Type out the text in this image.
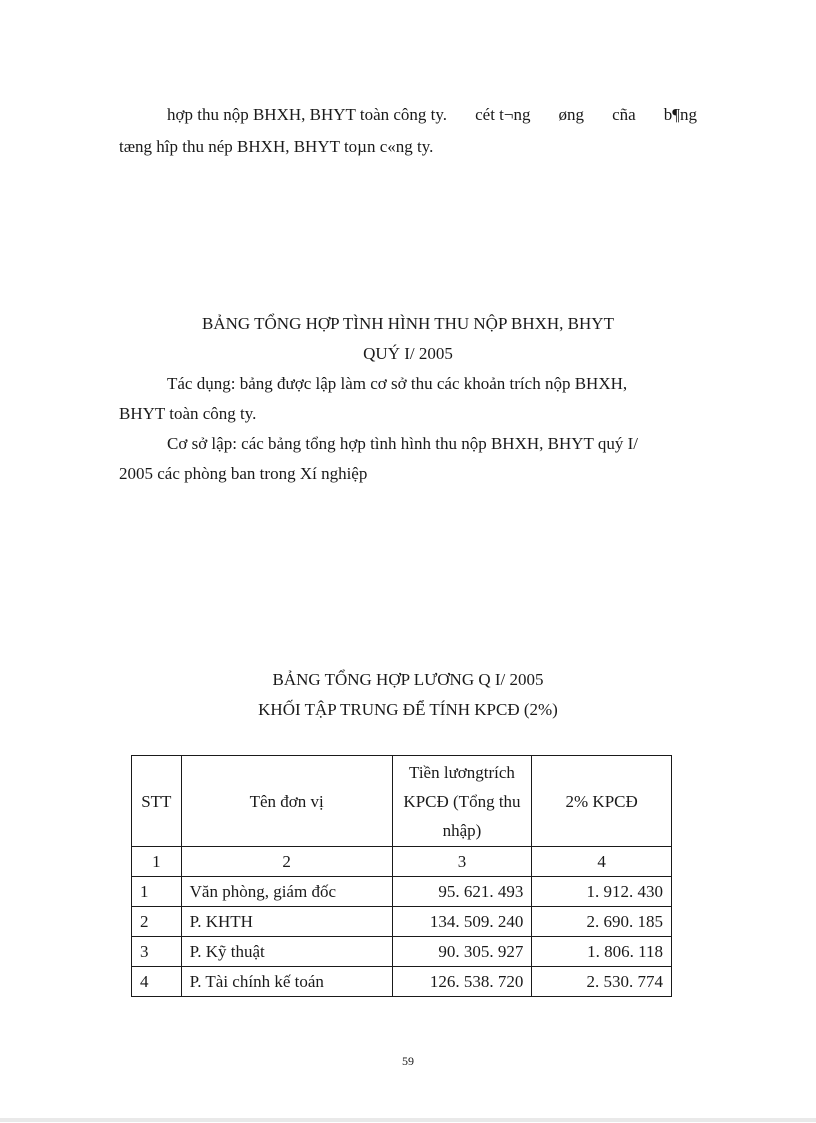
hợp thu nộp BHXH, BHYT toàn công ty. cét t¬ng øng cña b¶ng
tæng hîp thu nép BHXH, BHYT toµn c«ng ty.
BẢNG TỔNG HỢP TÌNH HÌNH THU NỘP BHXH, BHYT
QUÝ I/ 2005
Tác dụng: bảng được lập làm cơ sở thu các khoản trích nộp BHXH,
BHYT toàn công ty.
Cơ sở lập: các bảng tổng hợp tình hình thu nộp BHXH, BHYT quý I/
2005 các phòng ban trong Xí nghiệp
BẢNG TỔNG HỢP LƯƠNG Q I/ 2005
KHỐI TẬP TRUNG ĐỂ TÍNH KPCĐ (2%)
STT	Tên đơn vị	Tiền lươngtrích KPCĐ (Tổng thu nhập)	2% KPCĐ
1	2	3	4
1	Văn phòng, giám đốc	95. 621. 493	1. 912. 430
2	P. KHTH	134. 509. 240	2. 690. 185
3	P. Kỹ thuật	90. 305. 927	1. 806. 118
4	P. Tài chính kế toán	126. 538. 720	2. 530. 774
59
